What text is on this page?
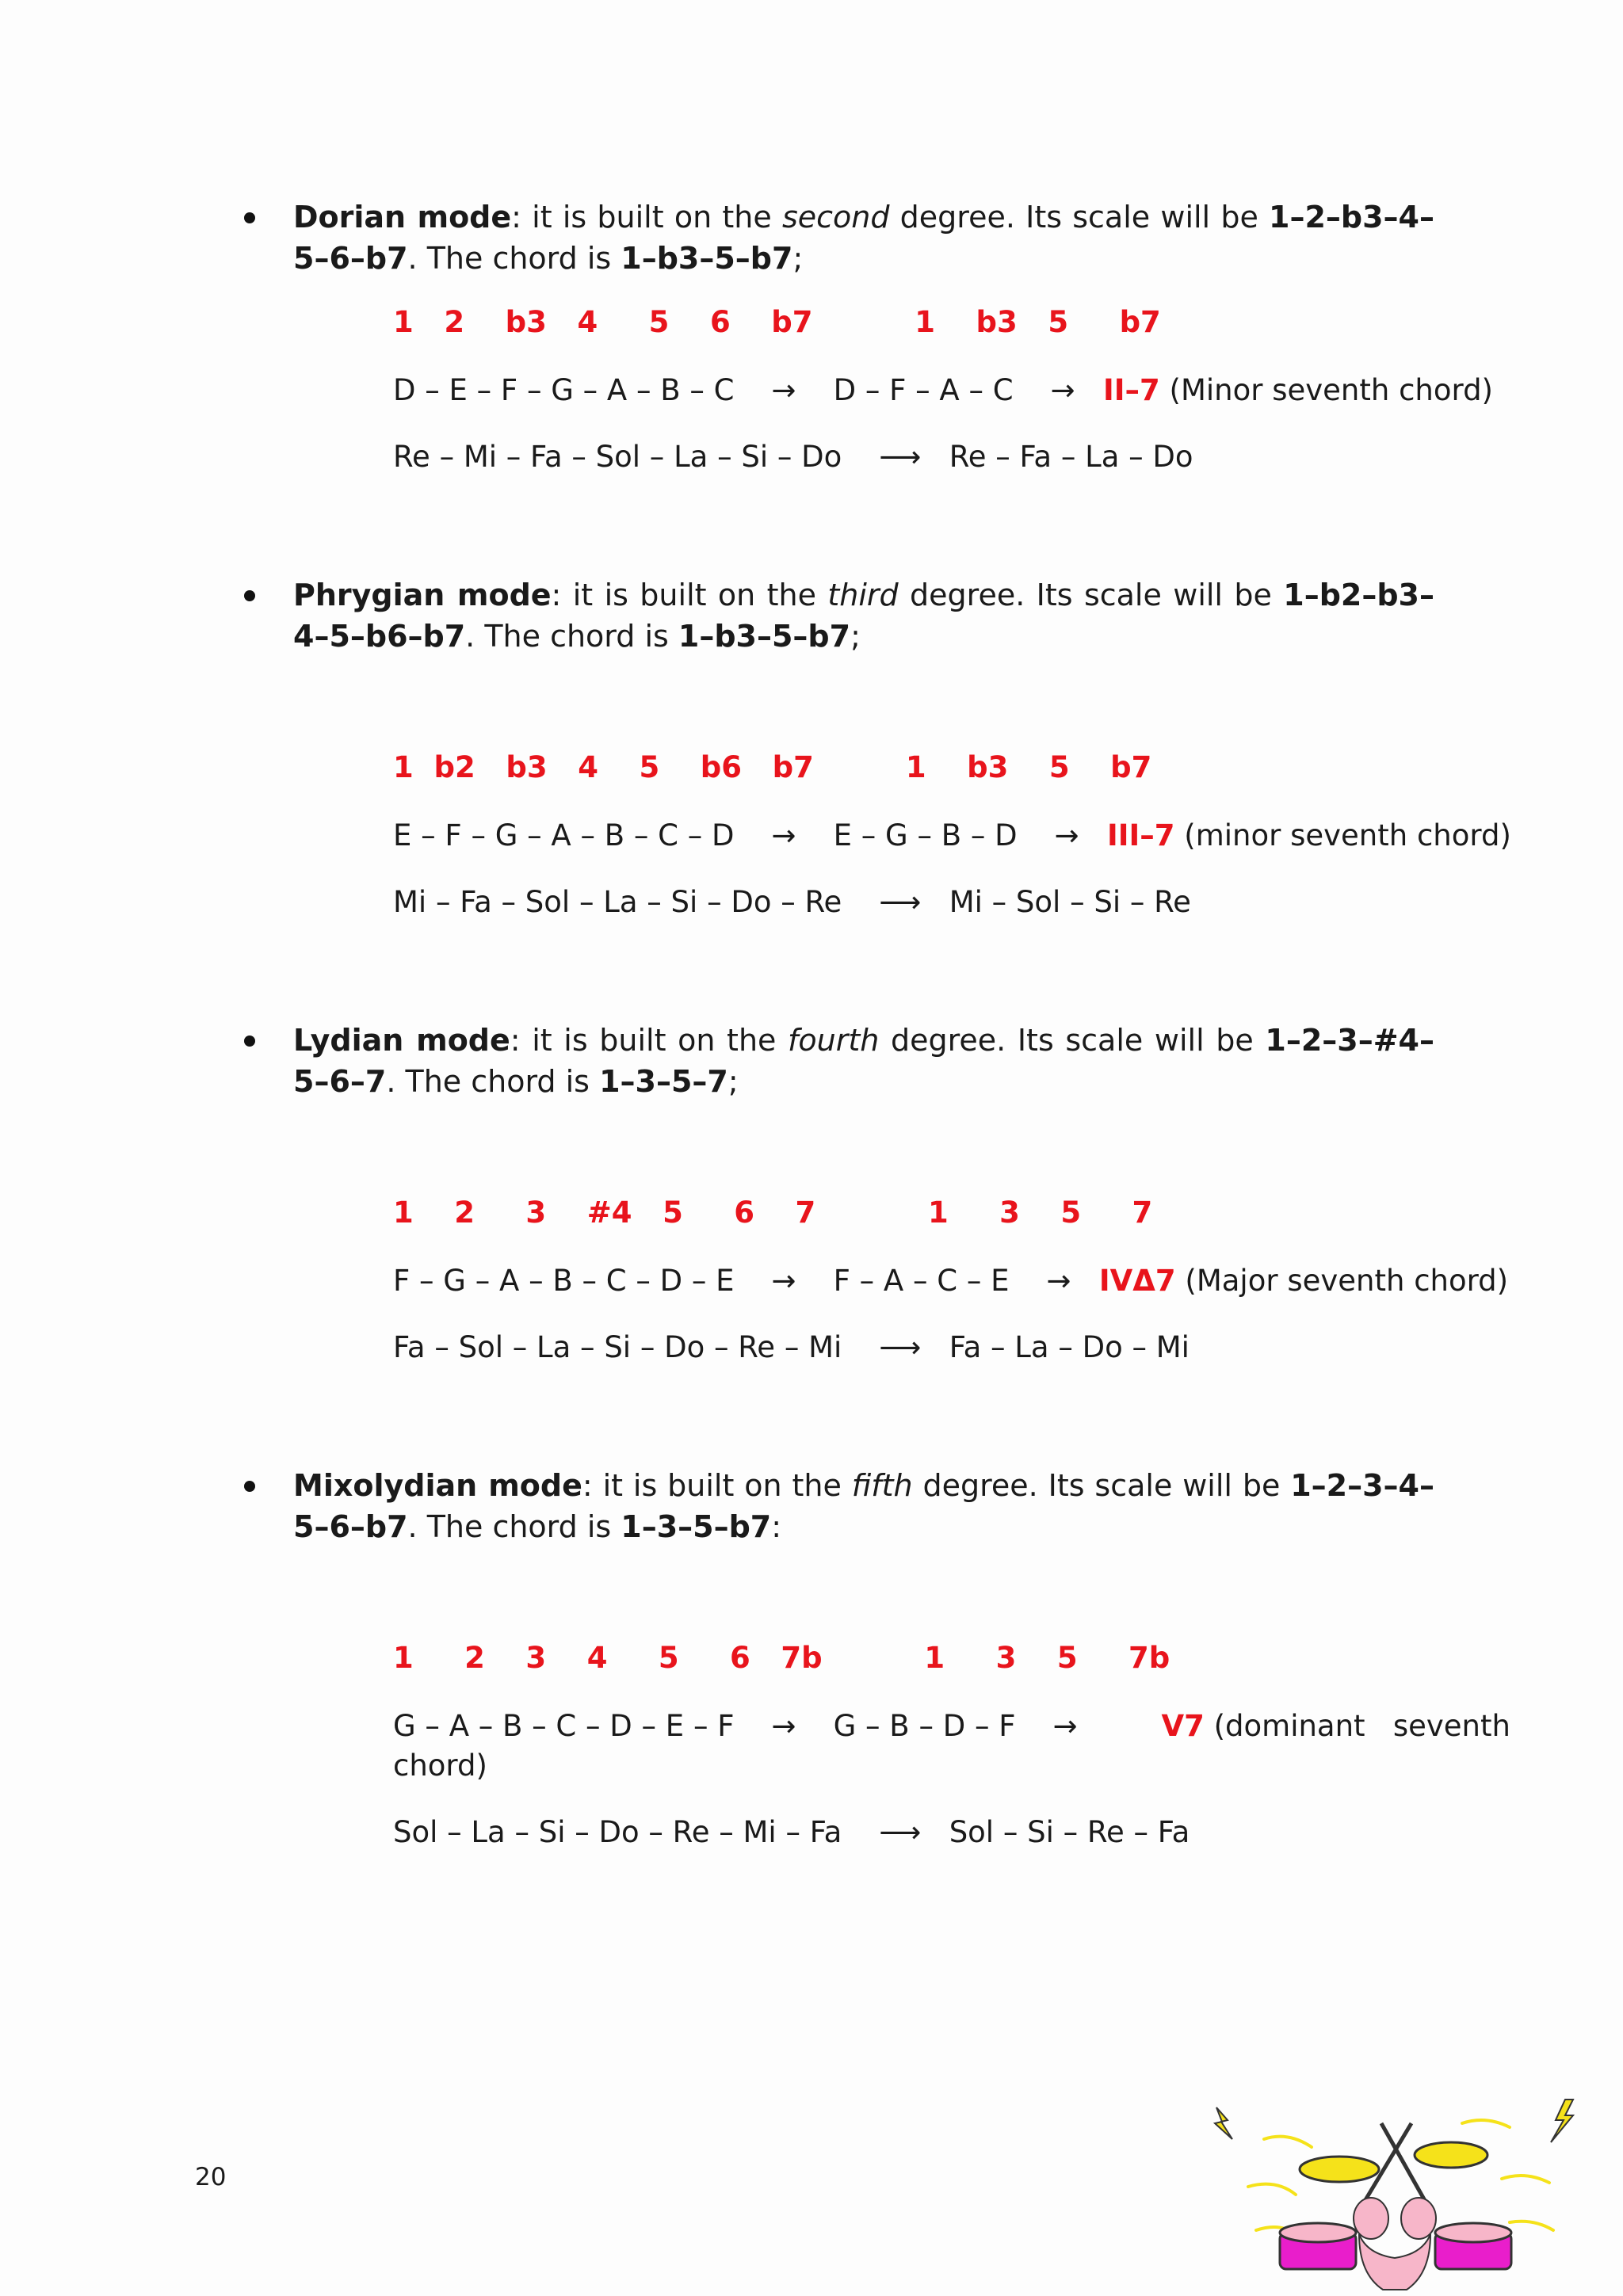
Dorian mode: it is built on the second degree. Its scale will be 1–2–b3–4–5–6–b7. The chord is 1–b3–5–b7;
1   2    b3   4     5    6    b7          1    b3   5     b7
D – E – F – G – A – B – C → D – F – A – C → II–7 (Minor seventh chord)
Re – Mi – Fa – Sol – La – Si – Do ⟶ Re – Fa – La – Do
Phrygian mode: it is built on the third degree. Its scale will be 1–b2–b3–4–5–b6–b7. The chord is 1–b3–5–b7;
1  b2   b3   4    5    b6   b7         1    b3    5    b7
E – F – G – A – B – C – D → E – G – B – D → III–7 (minor seventh chord)
Mi – Fa – Sol – La – Si – Do – Re ⟶ Mi – Sol – Si – Re
Lydian mode: it is built on the fourth degree. Its scale will be 1–2–3–#4–5–6–7. The chord is 1–3–5–7;
1    2     3    #4   5     6    7           1     3    5     7
F – G – A – B – C – D – E → F – A – C – E → IVΔ7 (Major seventh chord)
Fa – Sol – La – Si – Do – Re – Mi ⟶ Fa – La – Do – Mi
Mixolydian mode: it is built on the fifth degree. Its scale will be 1–2–3–4–5–6–b7. The chord is 1–3–5–b7:
1     2    3    4     5     6   7b          1     3    5     7b
G – A – B – C – D – E – F → G – B – D – F →	V7 (dominant   seventh
chord)
Sol – La – Si – Do – Re – Mi – Fa ⟶ Sol – Si – Re – Fa
20
